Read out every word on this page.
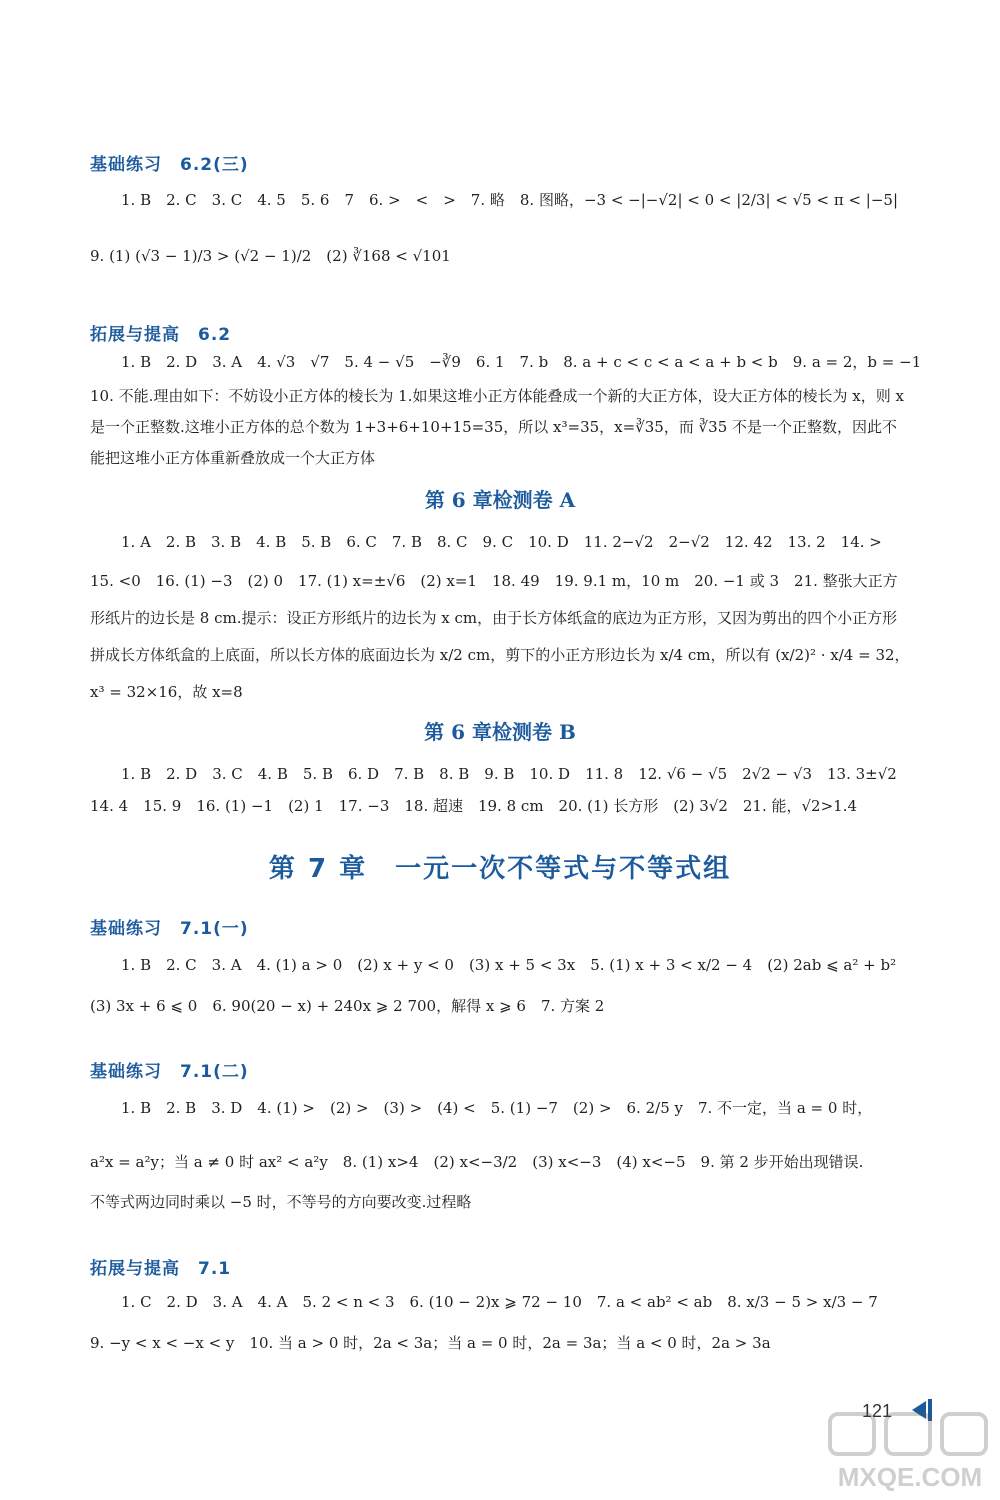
基础练习 6.2(三)
1. B　2. C　3. C　4. 5　5. 6　7　6. >　<　>　7. 略　8. 图略，−3 < −|−√2| < 0 < |2/3| < √5 < π < |−5|
9. (1) (√3 − 1)/3 > (√2 − 1)/2　(2) ∛168 < √101
拓展与提高 6.2
1. B　2. D　3. A　4. √3　√7　5. 4 − √5　−∛9　6. 1　7. b　8. a + c < c < a < a + b < b　9. a = 2，b = −1
10. 不能.理由如下：不妨设小正方体的棱长为 1.如果这堆小正方体能叠成一个新的大正方体，设大正方体的棱长为 x，则 x 是一个正整数.这堆小正方体的总个数为 1+3+6+10+15=35，所以 x³=35，x=∛35，而 ∛35 不是一个正整数，因此不能把这堆小正方体重新叠放成一个大正方体
第 6 章检测卷 A
1. A　2. B　3. B　4. B　5. B　6. C　7. B　8. C　9. C　10. D　11. 2−√2　2−√2　12. 42　13. 2　14. >
15. <0　16. (1) −3　(2) 0　17. (1) x=±√6　(2) x=1　18. 49　19. 9.1 m，10 m　20. −1 或 3　21. 整张大正方形纸片的边长是 8 cm.提示：设正方形纸片的边长为 x cm，由于长方体纸盒的底边为正方形，又因为剪出的四个小正方形拼成长方体纸盒的上底面，所以长方体的底面边长为 x/2 cm，剪下的小正方形边长为 x/4 cm，所以有 (x/2)² · x/4 = 32，x³ = 32×16，故 x=8
第 6 章检测卷 B
1. B　2. D　3. C　4. B　5. B　6. D　7. B　8. B　9. B　10. D　11. 8　12. √6 − √5　2√2 − √3　13. 3±√2
14. 4　15. 9　16. (1) −1　(2) 1　17. −3　18. 超速　19. 8 cm　20. (1) 长方形　(2) 3√2　21. 能，√2>1.4
第 7 章　一元一次不等式与不等式组
基础练习 7.1(一)
1. B　2. C　3. A　4. (1) a > 0　(2) x + y < 0　(3) x + 5 < 3x　5. (1) x + 3 < x/2 − 4　(2) 2ab ⩽ a² + b²
(3) 3x + 6 ⩽ 0　6. 90(20 − x) + 240x ⩾ 2 700，解得 x ⩾ 6　7. 方案 2
基础练习 7.1(二)
1. B　2. B　3. D　4. (1) >　(2) >　(3) >　(4) <　5. (1) −7　(2) >　6. 2/5 y　7. 不一定，当 a = 0 时，
a²x = a²y；当 a ≠ 0 时 ax² < a²y　8. (1) x>4　(2) x<−3/2　(3) x<−3　(4) x<−5　9. 第 2 步开始出现错误.
不等式两边同时乘以 −5 时，不等号的方向要改变.过程略
拓展与提高 7.1
1. C　2. D　3. A　4. A　5. 2 < n < 3　6. (10 − 2)x ⩾ 72 − 10　7. a < ab² < ab　8. x/3 − 5 > x/3 − 7
9. −y < x < −x < y　10. 当 a > 0 时，2a < 3a；当 a = 0 时，2a = 3a；当 a < 0 时，2a > 3a
121
MXQE.COM
